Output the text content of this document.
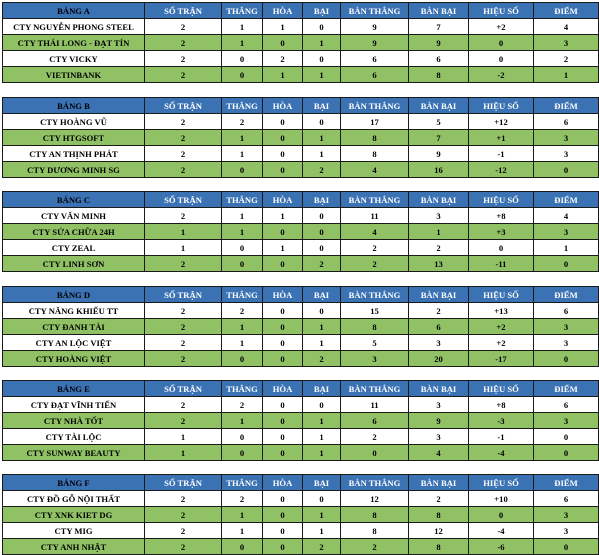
BẢNG A	SỐ TRẬN	THẮNG	HÒA	BẠI	BÀN THẮNG	BÀN BẠI	HIỆU SỐ	ĐIỂM
CTY NGUYỄN PHONG STEEL	2	1	1	0	9	7	+2	4
CTY THÁI LONG - ĐẠT TÍN	2	1	0	1	9	9	0	3
CTY VICKY	2	0	2	0	6	6	0	2
VIETINBANK	2	0	1	1	6	8	-2	1
BẢNG B	SỐ TRẬN	THẮNG	HÒA	BẠI	BÀN THẮNG	BÀN BẠI	HIỆU SỐ	ĐIỂM
CTY HOÀNG VŨ	2	2	0	0	17	5	+12	6
CTY HTGSOFT	2	1	0	1	8	7	+1	3
CTY AN THỊNH PHÁT	2	1	0	1	8	9	-1	3
CTY DƯƠNG MINH SG	2	0	0	2	4	16	-12	0
BẢNG C	SỐ TRẬN	THẮNG	HÒA	BẠI	BÀN THẮNG	BÀN BẠI	HIỆU SỐ	ĐIỂM
CTY VĂN MINH	2	1	1	0	11	3	+8	4
CTY SỬA CHỮA 24H	1	1	0	0	4	1	+3	3
CTY ZEAL	1	0	1	0	2	2	0	1
CTY LINH SƠN	2	0	0	2	2	13	-11	0
BẢNG D	SỐ TRẬN	THẮNG	HÒA	BẠI	BÀN THẮNG	BÀN BẠI	HIỆU SỐ	ĐIỂM
CTY NĂNG KHIẾU TT	2	2	0	0	15	2	+13	6
CTY ĐANH TÀI	2	1	0	1	8	6	+2	3
CTY AN LỘC VIỆT	2	1	0	1	5	3	+2	3
CTY HOÀNG VIỆT	2	0	0	2	3	20	-17	0
BẢNG E	SỐ TRẬN	THẮNG	HÒA	BẠI	BÀN THẮNG	BÀN BẠI	HIỆU SỐ	ĐIỂM
CTY ĐẠT VĨNH TIẾN	2	2	0	0	11	3	+8	6
CTY NHÀ TỐT	2	1	0	1	6	9	-3	3
CTY TÀI LỘC	1	0	0	1	2	3	-1	0
CTY SUNWAY BEAUTY	1	0	0	1	0	4	-4	0
BẢNG F	SỐ TRẬN	THẮNG	HÒA	BẠI	BÀN THẮNG	BÀN BẠI	HIỆU SỐ	ĐIỂM
CTY ĐỒ GỖ NỘI THẤT	2	2	0	0	12	2	+10	6
CTY XNK KIET DG	2	1	0	1	8	8	0	3
CTY MIG	2	1	0	1	8	12	-4	3
CTY ANH NHẬT	2	0	0	2	2	8	-6	0
